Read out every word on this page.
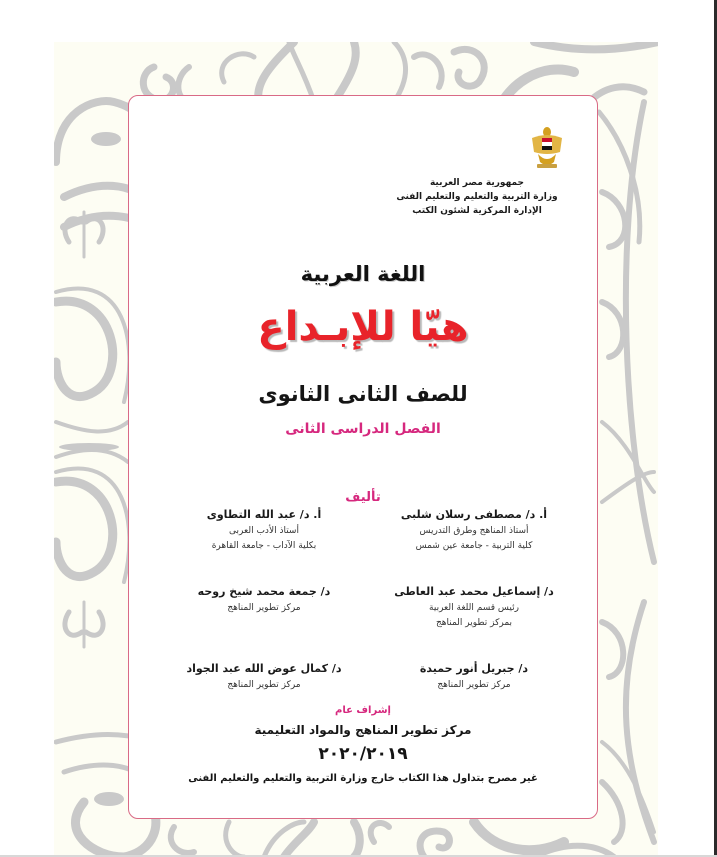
جمهورية مصر العربية
وزارة التربية والتعليم والتعليم الفنى
الإدارة المركزية لشئون الكتب
اللغة العربية
هيّا للإبـداع
للصف الثانى الثانوى
الفصل الدراسى الثانى
تأليف
أ. د/ مصطفى رسلان شلبى
أستاذ المناهج وطرق التدريس
كلية التربية - جامعة عين شمس
أ. د/ عبد الله التطاوى
أستاذ الأدب العربى
بكلية الآداب - جامعة القاهرة
د/ إسماعيل محمد عبد العاطى
رئيس قسم اللغة العربية
بمركز تطوير المناهج
د/ جمعة محمد شيخ روحه
مركز تطوير المناهج
د/ جبريل أنور حميدة
مركز تطوير المناهج
د/ كمال عوض الله عبد الجواد
مركز تطوير المناهج
إشراف عام
مركز تطوير المناهج والمواد التعليمية
٢٠٢٠/٢٠١٩
غير مصرح بتداول هذا الكتاب خارج وزارة التربية والتعليم والتعليم الفنى
